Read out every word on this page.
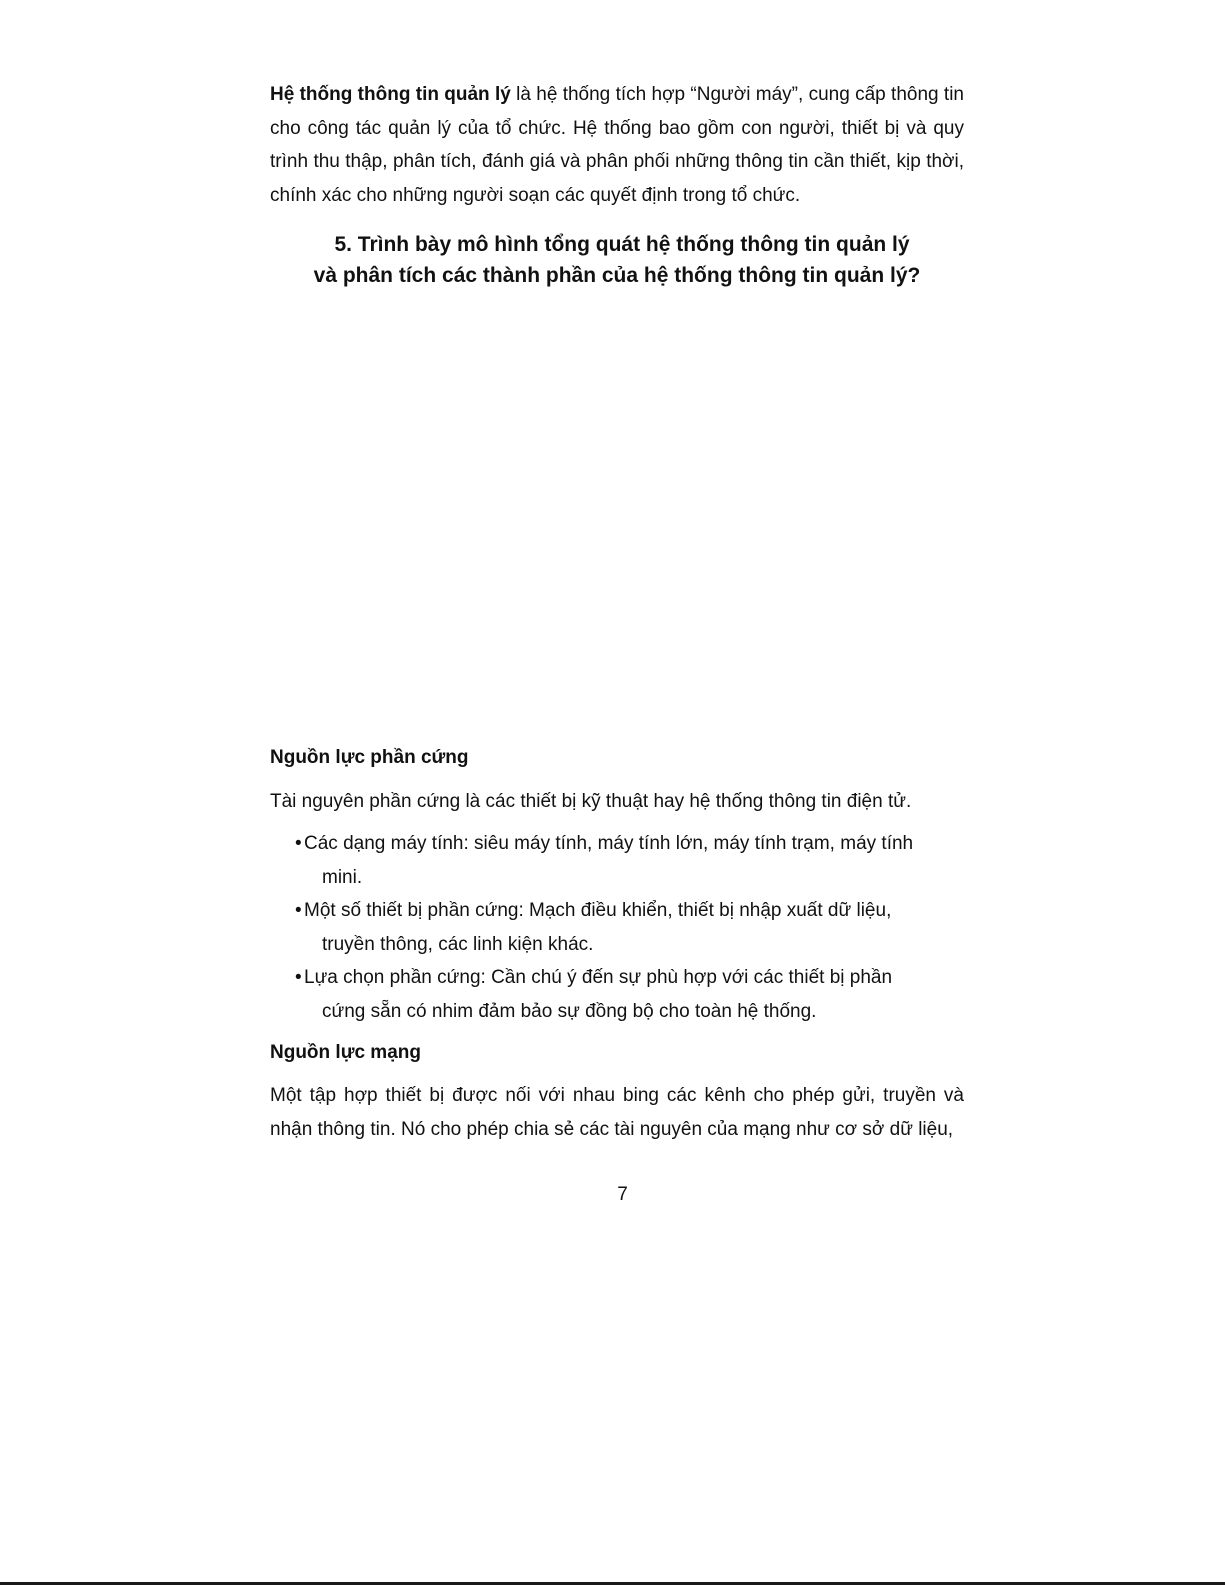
Hệ thống thông tin quản lý là hệ thống tích hợp “Người máy”, cung cấp thông tin cho công tác quản lý của tổ chức. Hệ thống bao gồm con người, thiết bị và quy trình thu thập, phân tích, đánh giá và phân phối những thông tin cần thiết, kịp thời, chính xác cho những người soạn các quyết định trong tổ chức.
5. Trình bày mô hình tổng quát hệ thống thông tin quản lý
và phân tích các thành phần của hệ thống thông tin quản lý?
Nguồn lực phần cứng
Tài nguyên phần cứng là các thiết bị kỹ thuật hay hệ thống thông tin điện tử.
• Các dạng máy tính: siêu máy tính, máy tính lớn, máy tính trạm, máy tính
mini.
• Một số thiết bị phần cứng: Mạch điều khiển, thiết bị nhập xuất dữ liệu,
truyền thông, các linh kiện khác.
• Lựa chọn phần cứng: Cần chú ý đến sự phù hợp với các thiết bị phần
cứng sẵn có nhim đảm bảo sự đồng bộ cho toàn hệ thống.
Nguồn lực mạng
Một tập hợp thiết bị được nối với nhau bing các kênh cho phép gửi, truyền và nhận thông tin. Nó cho phép chia sẻ các tài nguyên của mạng như cơ sở dữ liệu,
7
